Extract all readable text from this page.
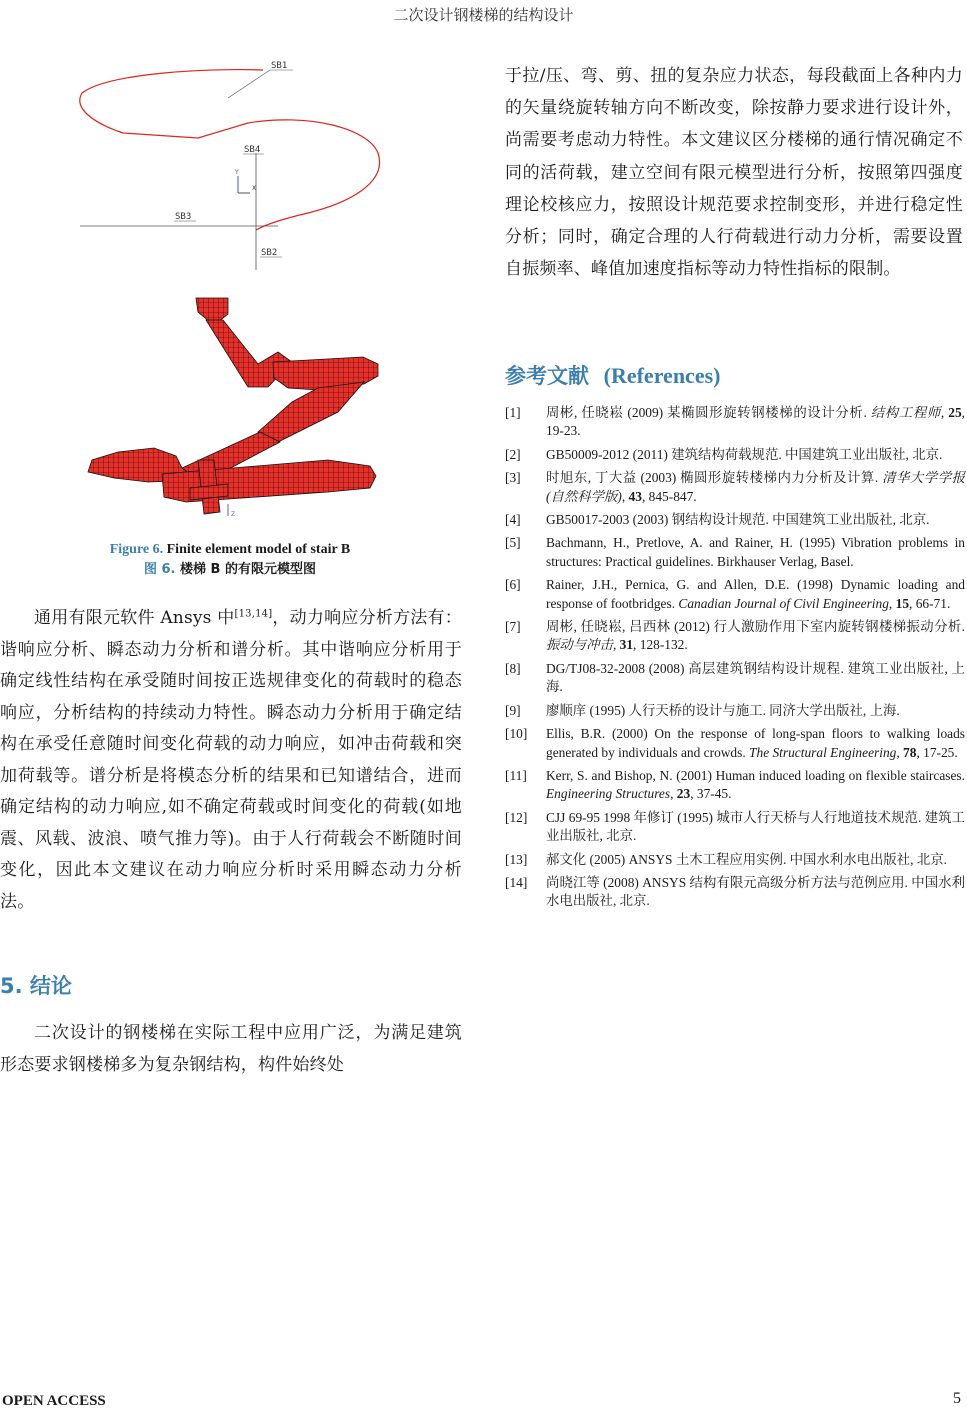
二次设计钢楼梯的结构设计
SB1
SB4
SB3
SB2
Y
X
Z
Figure 6. Finite element model of stair B
图 6. 楼梯 B 的有限元模型图

通用有限元软件 Ansys 中[13,14]，动力响应分析方法有：谐响应分析、瞬态动力分析和谱分析。其中谐响应分析用于确定线性结构在承受随时间按正选规律变化的荷载时的稳态响应，分析结构的持续动力特性。瞬态动力分析用于确定结构在承受任意随时间变化荷载的动力响应，如冲击荷载和突加荷载等。谱分析是将模态分析的结果和已知谱结合，进而确定结构的动力响应,如不确定荷载或时间变化的荷载(如地震、风载、波浪、喷气推力等)。由于人行荷载会不断随时间变化，因此本文建议在动力响应分析时采用瞬态动力分析法。

5. 结论

二次设计的钢楼梯在实际工程中应用广泛，为满足建筑形态要求钢楼梯多为复杂钢结构，构件始终处

于拉/压、弯、剪、扭的复杂应力状态，每段截面上各种内力的矢量绕旋转轴方向不断改变，除按静力要求进行设计外，尚需要考虑动力特性。本文建议区分楼梯的通行情况确定不同的活荷载，建立空间有限元模型进行分析，按照第四强度理论校核应力，按照设计规范要求控制变形，并进行稳定性分析；同时，确定合理的人行荷载进行动力分析，需要设置自振频率、峰值加速度指标等动力特性指标的限制。

参考文献 (References)
[1]	周彬, 任晓崧 (2009) 某椭圆形旋转钢楼梯的设计分析. 结构工程师, 25, 19-23.
[2]	GB50009-2012 (2011) 建筑结构荷载规范. 中国建筑工业出版社, 北京.
[3]	时旭东, 丁大益 (2003) 椭圆形旋转楼梯内力分析及计算. 清华大学学报(自然科学版), 43, 845-847.
[4]	GB50017-2003 (2003) 钢结构设计规范. 中国建筑工业出版社, 北京.
[5]	Bachmann, H., Pretlove, A. and Rainer, H. (1995) Vibration problems in structures: Practical guidelines. Birkhauser Verlag, Basel.
[6]	Rainer, J.H., Pernica, G. and Allen, D.E. (1998) Dynamic loading and response of footbridges. Canadian Journal of Civil Engineering, 15, 66-71.
[7]	周彬, 任晓崧, 吕西林 (2012) 行人激励作用下室内旋转钢楼梯振动分析. 振动与冲击, 31, 128-132.
[8]	DG/TJ08-32-2008 (2008) 高层建筑钢结构设计规程. 建筑工业出版社, 上海.
[9]	廖顺庠 (1995) 人行天桥的设计与施工. 同济大学出版社, 上海.
[10]	Ellis, B.R. (2000) On the response of long-span floors to walking loads generated by individuals and crowds. The Structural Engineering, 78, 17-25.
[11]	Kerr, S. and Bishop, N. (2001) Human induced loading on flexible staircases. Engineering Structures, 23, 37-45.
[12]	CJJ 69-95 1998 年修订 (1995) 城市人行天桥与人行地道技术规范. 建筑工业出版社, 北京.
[13]	郝文化 (2005) ANSYS 土木工程应用实例. 中国水利水电出版社, 北京.
[14]	尚晓江等 (2008) ANSYS 结构有限元高级分析方法与范例应用. 中国水利水电出版社, 北京.
OPEN ACCESS	5
